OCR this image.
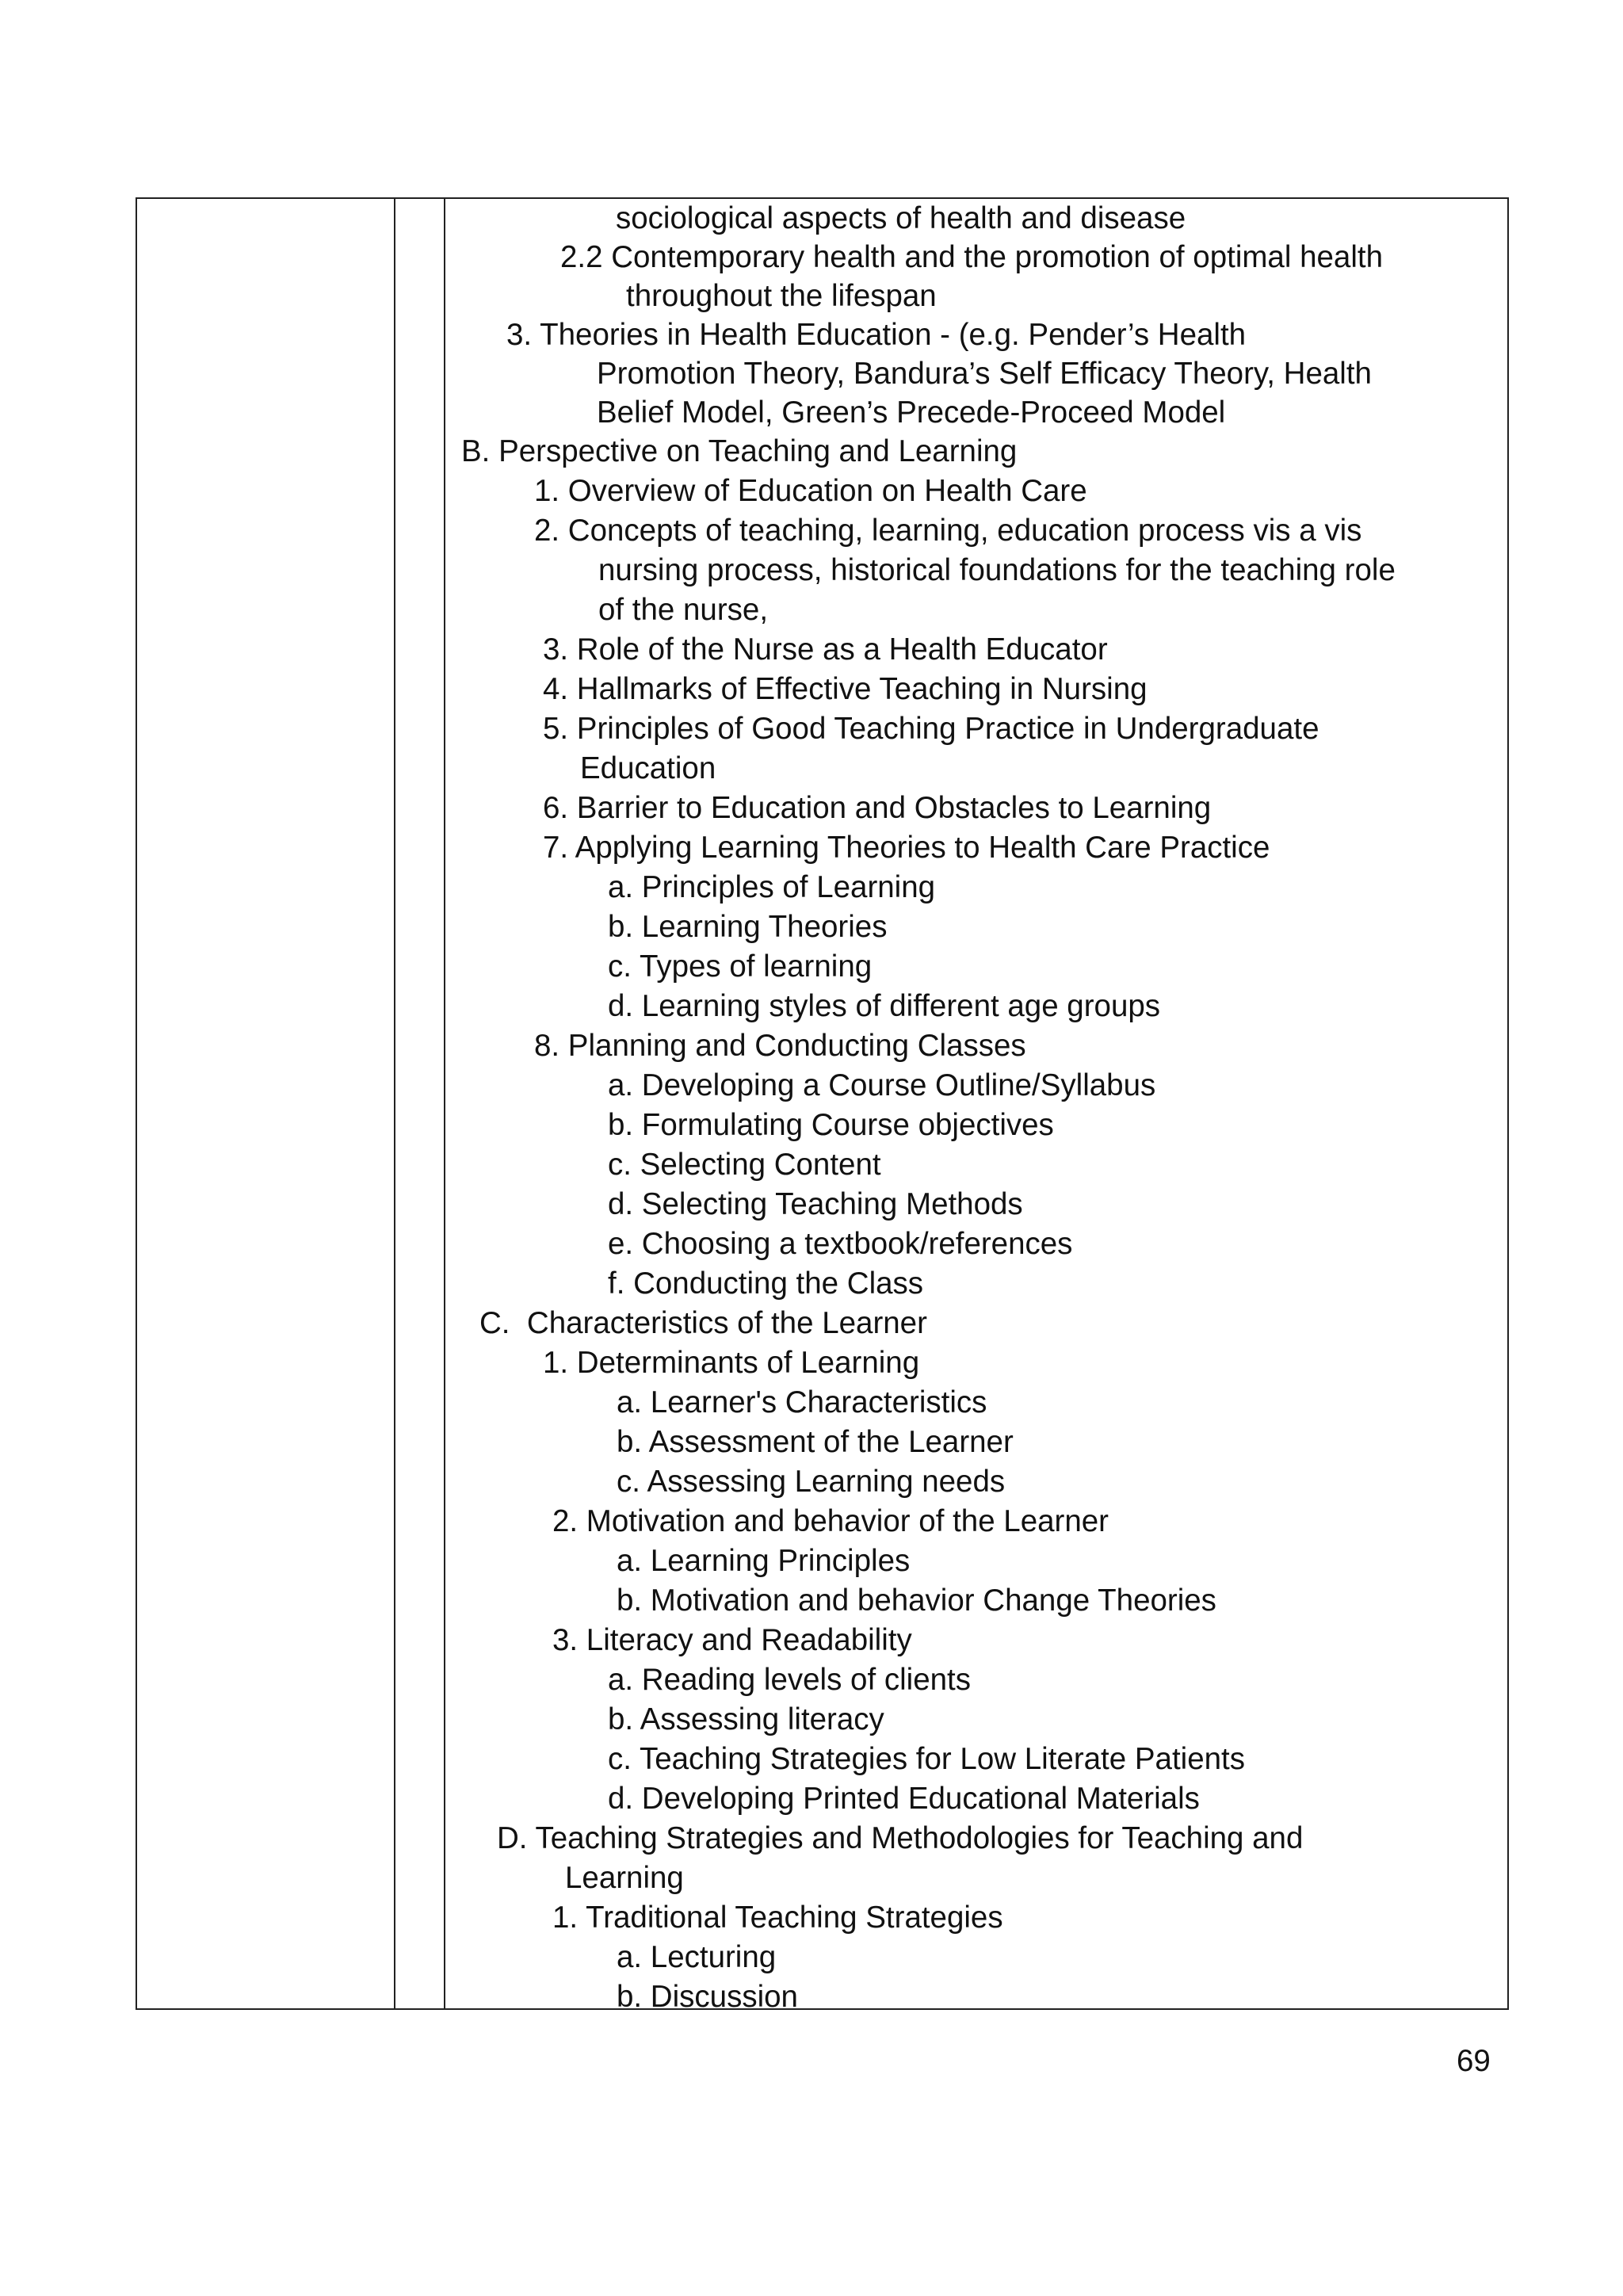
sociological aspects of health and disease
2.2 Contemporary health and the promotion of optimal health
throughout the lifespan
3. Theories in Health Education - (e.g. Pender’s Health
Promotion Theory, Bandura’s Self Efficacy Theory, Health
Belief Model, Green’s Precede-Proceed Model
B. Perspective on Teaching and Learning
1. Overview of Education on Health Care
2. Concepts of teaching, learning, education process vis a vis
nursing process, historical foundations for the teaching role
of the nurse,
3. Role of the Nurse as a Health Educator
4. Hallmarks of Effective Teaching in Nursing
5. Principles of Good Teaching Practice in Undergraduate
Education
6. Barrier to Education and Obstacles to Learning
7. Applying Learning Theories to Health Care Practice
a. Principles of Learning
b. Learning Theories
c. Types of learning
d. Learning styles of different age groups
8. Planning and Conducting Classes
a. Developing a Course Outline/Syllabus
b. Formulating Course objectives
c. Selecting Content
d. Selecting Teaching Methods
e. Choosing a textbook/references
f. Conducting the Class
C.  Characteristics of the Learner
1. Determinants of Learning
a. Learner's Characteristics
b. Assessment of the Learner
c. Assessing Learning needs
2. Motivation and behavior of the Learner
a. Learning Principles
b. Motivation and behavior Change Theories
3. Literacy and Readability
a. Reading levels of clients
b. Assessing literacy
c. Teaching Strategies for Low Literate Patients
d. Developing Printed Educational Materials
D. Teaching Strategies and Methodologies for Teaching and
Learning
1. Traditional Teaching Strategies
a. Lecturing
b. Discussion
69
